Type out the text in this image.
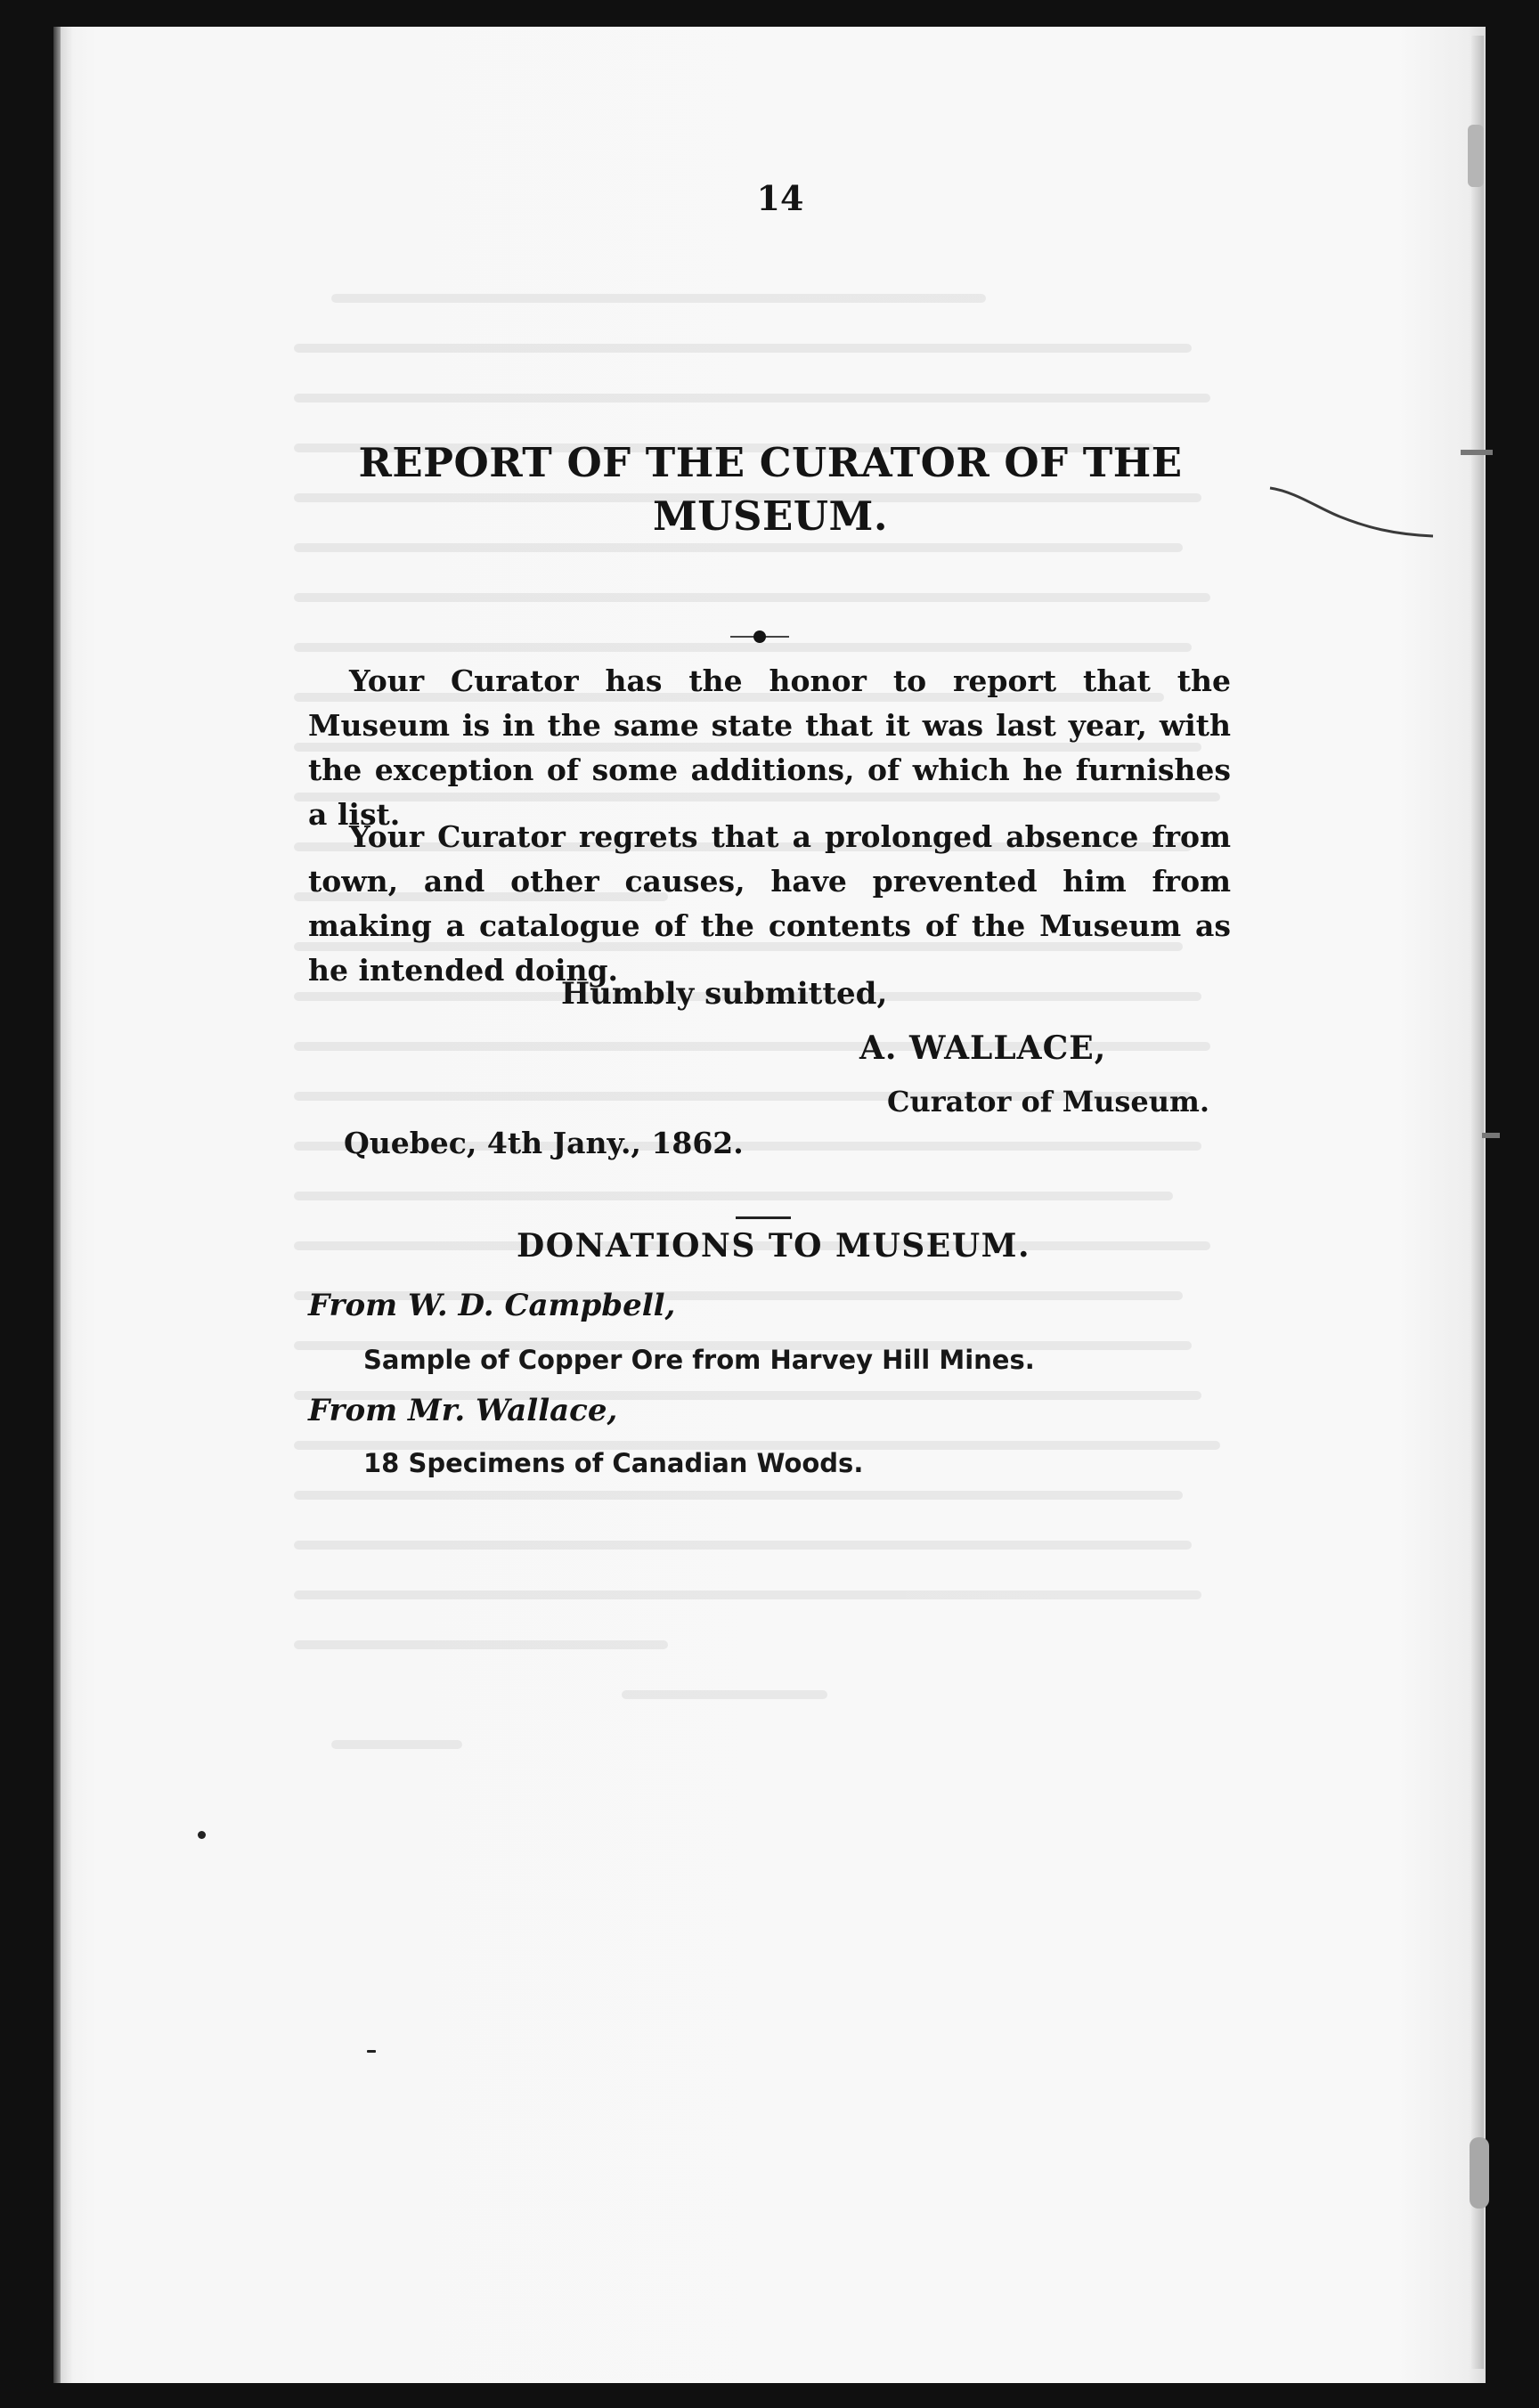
14
REPORT OF THE CURATOR OF THE MUSEUM.
Your Curator has the honor to report that the Museum is in the same state that it was last year, with the exception of some additions, of which he furnishes a list.
Your Curator regrets that a prolonged absence from town, and other causes, have prevented him from making a catalogue of the contents of the Museum as he intended doing.
Humbly submitted,
A. WALLACE,
Curator of Museum.
Quebec, 4th Jany., 1862.
DONATIONS TO MUSEUM.
From W. D. Campbell,
Sample of Copper Ore from Harvey Hill Mines.
From Mr. Wallace,
18 Specimens of Canadian Woods.
